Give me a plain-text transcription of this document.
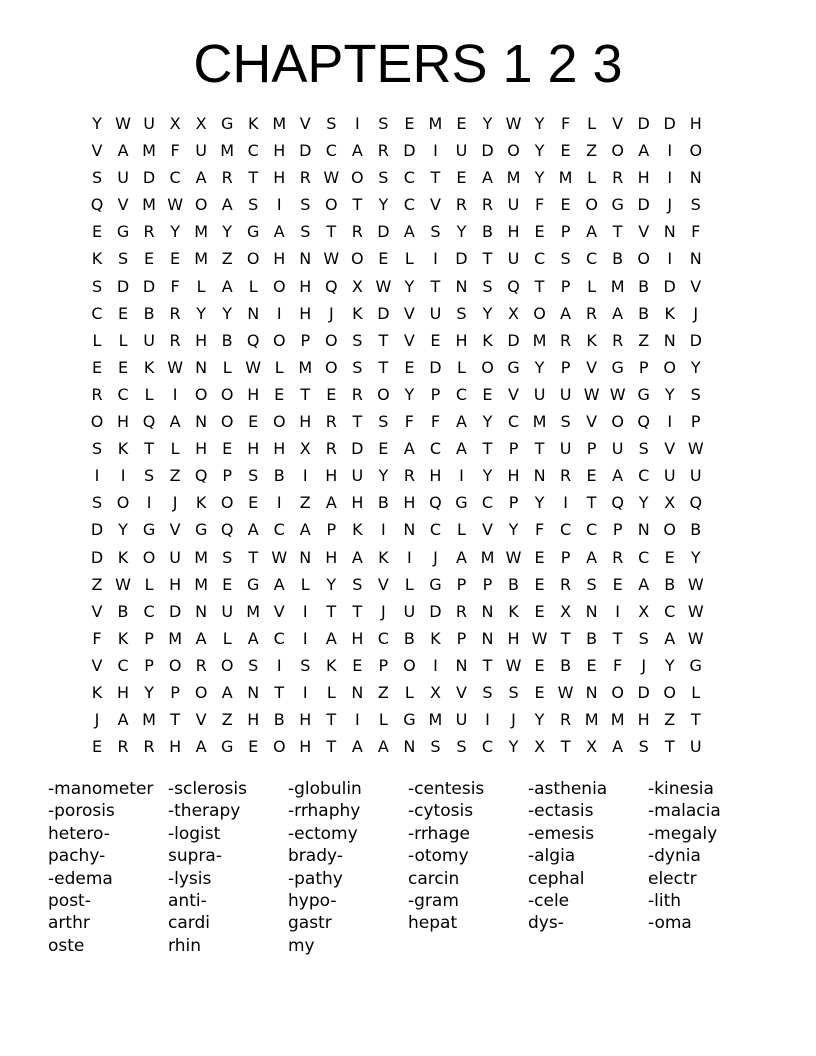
CHAPTERS 1 2 3
Y W U X X G K M V S	I	S E M E	Y W Y	F	L	V D D H
V A M F U M C H D C A R D	I	U D O Y	E Z O A	I	O
S U D C A R T H R W O S C T	E A M Y M L	R H	I	N
Q V M W O A S	I	S O T	Y C V R R U F	E O G D	J	S
E G R Y M Y G A S	T R D A S	Y B H E	P A T V N F
K S E E M Z O H N W O E	L	I	D T U C S C B O	I	N
S D D F	L	A	L O H Q X W Y	T N S Q T	P	L M B D V
C E B R Y	Y N	I	H	J	K D V U S	Y X O A R A B K	J
L	L U R H B Q O P O S	T V E H K D M R K R Z N D
E E K W N L W L M O S	T	E D L O G Y	P V G P O Y
R C L	I	O O H E	T	E R O Y	P C E V U U W W G Y	S
O H Q A N O E O H R T	S	F	F A Y C M S V O Q	I	P
S K T	L H E H H X R D E A C A T	P	T U P U S V W
I	I	S Z Q P	S B	I	H U Y R H	I	Y H N R E A C U U
S O	I	J	K O E	I	Z A H B H Q G C P	Y	I	T Q Y X Q
D Y G V G Q A C A P K	I	N C L	V Y	F C C P N O B
D K O U M S	T W N H A K	I	J	A M W E	P A R C E	Y
Z W L H M E G A	L	Y	S V	L G P	P B E R S E A B W
V B C D N U M V	I	T	T	J	U D R N K E X N	I	X C W
F	K P M A	L	A C	I	A H C B K P N H W T B T	S A W
V C P O R O S	I	S K E	P O	I	N T W E B E	F	J	Y G
K H Y	P O A N T	I	L N Z	L	X V S S E W N O D O L
J	A M T V Z H B H T	I	L G M U	I	J	Y R M M H Z T
E R R H A G E O H T A A N S S C Y X T X A S	T U
-manometer -sclerosis	-globulin	-centesis	-asthenia	-kinesia
-porosis	-therapy	-rrhaphy	-cytosis	-ectasis	-malacia
hetero-	-logist	-ectomy	-rrhage	-emesis	-megaly
pachy-	supra-	brady-	-otomy	-algia	-dynia
-edema	-lysis	-pathy	carcin	cephal	electr
post-	anti-	hypo-	-gram	-cele	-lith
arthr	cardi	gastr	hepat	dys-	-oma
oste	rhin	my
